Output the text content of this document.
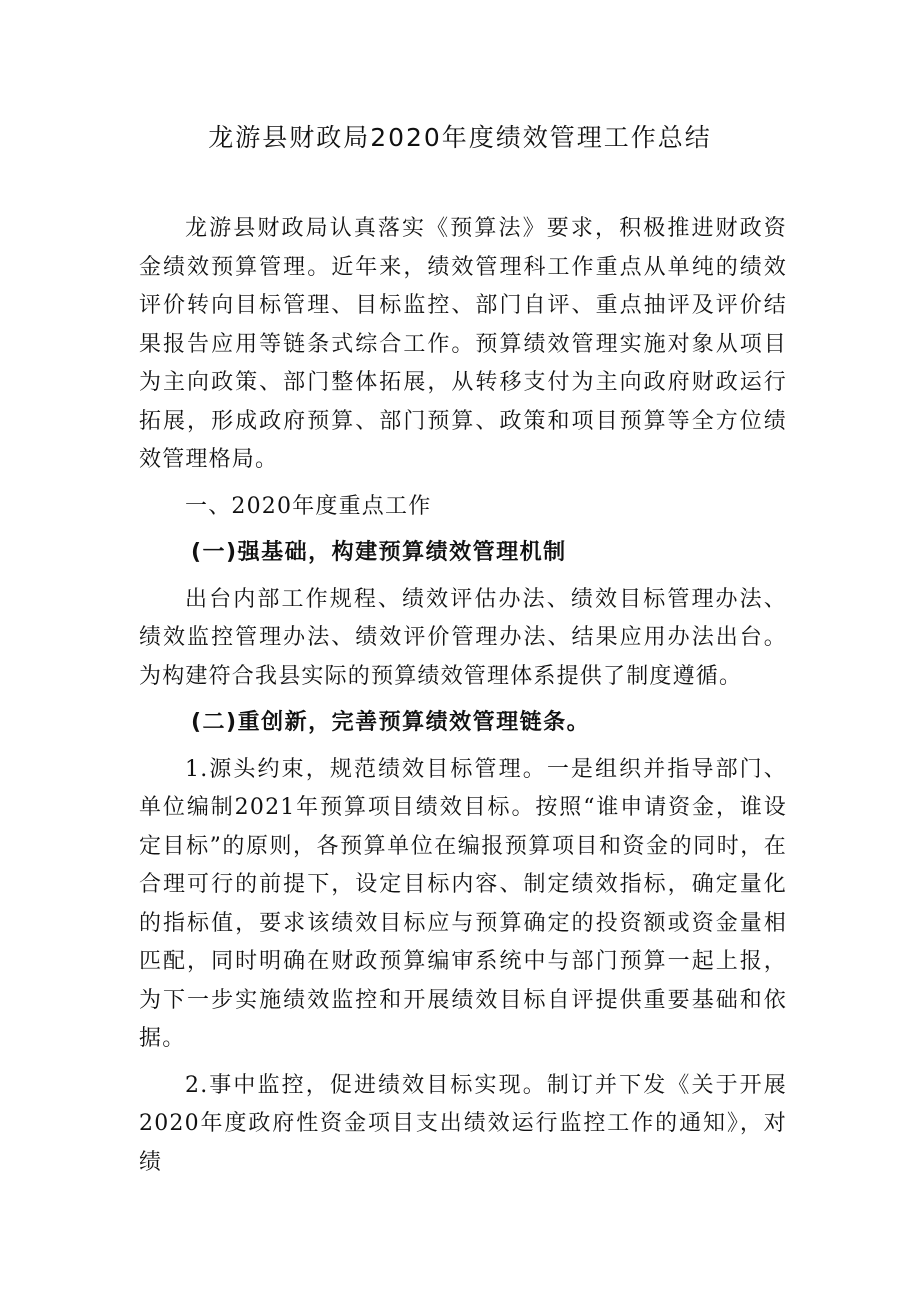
龙游县财政局2020年度绩效管理工作总结

龙游县财政局认真落实《预算法》要求，积极推进财政资金绩效预算管理。近年来，绩效管理科工作重点从单纯的绩效评价转向目标管理、目标监控、部门自评、重点抽评及评价结果报告应用等链条式综合工作。预算绩效管理实施对象从项目为主向政策、部门整体拓展，从转移支付为主向政府财政运行拓展，形成政府预算、部门预算、政策和项目预算等全方位绩效管理格局。

一、2020年度重点工作

(一)强基础，构建预算绩效管理机制

出台内部工作规程、绩效评估办法、绩效目标管理办法、绩效监控管理办法、绩效评价管理办法、结果应用办法出台。为构建符合我县实际的预算绩效管理体系提供了制度遵循。

(二)重创新，完善预算绩效管理链条。

1.源头约束，规范绩效目标管理。一是组织并指导部门、单位编制2021年预算项目绩效目标。按照“谁申请资金，谁设定目标”的原则，各预算单位在编报预算项目和资金的同时，在合理可行的前提下，设定目标内容、制定绩效指标，确定量化的指标值，要求该绩效目标应与预算确定的投资额或资金量相匹配，同时明确在财政预算编审系统中与部门预算一起上报，为下一步实施绩效监控和开展绩效目标自评提供重要基础和依据。

2.事中监控，促进绩效目标实现。制订并下发《关于开展2020年度政府性资金项目支出绩效运行监控工作的通知》，对绩
